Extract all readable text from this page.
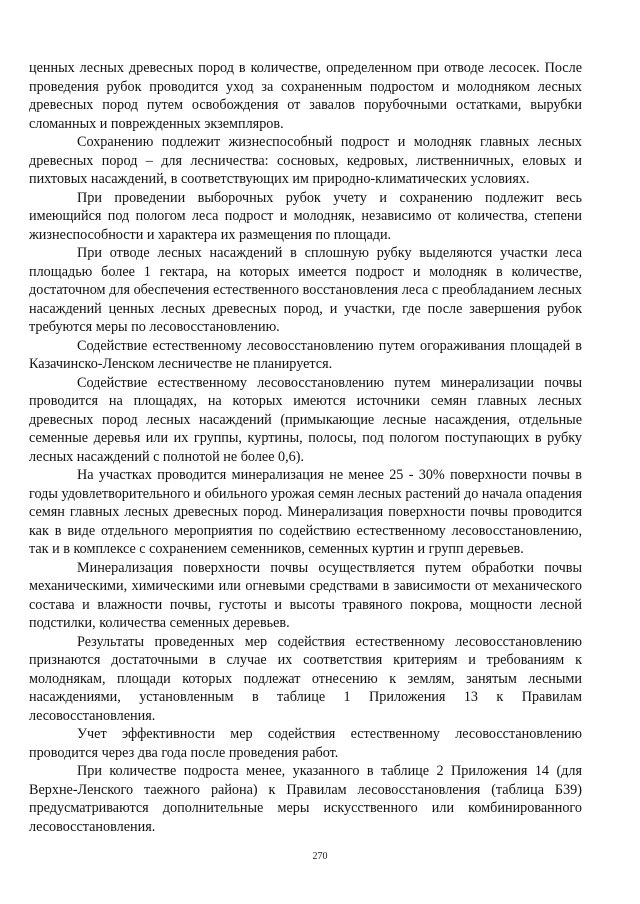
ценных лесных древесных пород в количестве, определенном при отводе лесосек. После проведения рубок проводится уход за сохраненным подростом и молодняком лесных древесных пород путем освобождения от завалов порубочными остатками, вырубки сломанных и поврежденных экземпляров.

Сохранению подлежит жизнеспособный подрост и молодняк главных лесных древесных пород – для лесничества: сосновых, кедровых, лиственничных, еловых и пихтовых насаждений, в соответствующих им природно-климатических условиях.

При проведении выборочных рубок учету и сохранению подлежит весь имеющийся под пологом леса подрост и молодняк, независимо от количества, степени жизнеспособности и характера их размещения по площади.

При отводе лесных насаждений в сплошную рубку выделяются участки леса площадью более 1 гектара, на которых имеется подрост и молодняк в количестве, достаточном для обеспечения естественного восстановления леса с преобладанием лесных насаждений ценных лесных древесных пород, и участки, где после завершения рубок требуются меры по лесовосстановлению.

Содействие естественному лесовосстановлению путем огораживания площадей в Казачинско-Ленском лесничестве не планируется.

Содействие естественному лесовосстановлению путем минерализации почвы проводится на площадях, на которых имеются источники семян главных лесных древесных пород лесных насаждений (примыкающие лесные насаждения, отдельные семенные деревья или их группы, куртины, полосы, под пологом поступающих в рубку лесных насаждений с полнотой не более 0,6).

На участках проводится минерализация не менее 25 - 30% поверхности почвы в годы удовлетворительного и обильного урожая семян лесных растений до начала опадения семян главных лесных древесных пород. Минерализация поверхности почвы проводится как в виде отдельного мероприятия по содействию естественному лесовосстановлению, так и в комплексе с сохранением семенников, семенных куртин и групп деревьев.

Минерализация поверхности почвы осуществляется путем обработки почвы механическими, химическими или огневыми средствами в зависимости от механического состава и влажности почвы, густоты и высоты травяного покрова, мощности лесной подстилки, количества семенных деревьев.

Результаты проведенных мер содействия естественному лесовосстановлению признаются достаточными в случае их соответствия критериям и требованиям к молоднякам, площади которых подлежат отнесению к землям, занятым лесными насаждениями, установленным в таблице 1 Приложения 13 к Правилам лесовосстановления.

Учет эффективности мер содействия естественному лесовосстановлению проводится через два года после проведения работ.

При количестве подроста менее, указанного в таблице 2 Приложения 14 (для Верхне-Ленского таежного района) к Правилам лесовосстановления (таблица Б39) предусматриваются дополнительные меры искусственного или комбинированного лесовосстановления.

270
